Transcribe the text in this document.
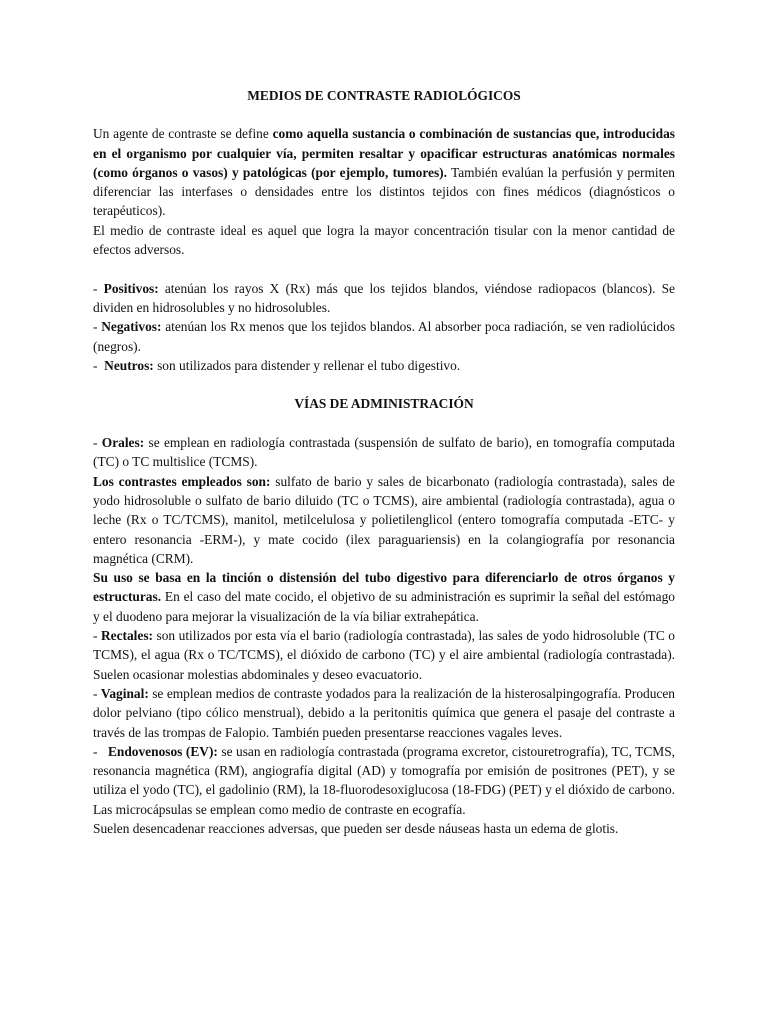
MEDIOS DE CONTRASTE RADIOLÓGICOS

Un agente de contraste se define como aquella sustancia o combinación de sustancias que, introducidas en el organismo por cualquier vía, permiten resaltar y opacificar estructuras anatómicas normales (como órganos o vasos) y patológicas (por ejemplo, tumores). También evalúan la perfusión y permiten diferenciar las interfases o densidades entre los distintos tejidos con fines médicos (diagnósticos o terapéuticos).

El medio de contraste ideal es aquel que logra la mayor concentración tisular con la menor cantidad de efectos adversos.

- Positivos: atenúan los rayos X (Rx) más que los tejidos blandos, viéndose radiopacos (blancos). Se dividen en hidrosolubles y no hidrosolubles.

- Negativos: atenúan los Rx menos que los tejidos blandos. Al absorber poca radiación, se ven radiolúcidos (negros).

-  Neutros: son utilizados para distender y rellenar el tubo digestivo.

VÍAS DE ADMINISTRACIÓN

- Orales: se emplean en radiología contrastada (suspensión de sulfato de bario), en tomografía computada (TC) o TC multislice (TCMS).

Los contrastes empleados son: sulfato de bario y sales de bicarbonato (radiología contrastada), sales de yodo hidrosoluble o sulfato de bario diluido (TC o TCMS), aire ambiental (radiología contrastada), agua o leche (Rx o TC/TCMS), manitol, metilcelulosa y polietilenglicol (entero tomografía computada -ETC- y entero resonancia -ERM-), y mate cocido (ilex paraguariensis) en la colangiografía por resonancia magnética (CRM).

Su uso se basa en la tinción o distensión del tubo digestivo para diferenciarlo de otros órganos y estructuras. En el caso del mate cocido, el objetivo de su administración es suprimir la señal del estómago y el duodeno para mejorar la visualización de la vía biliar extrahepática.

- Rectales: son utilizados por esta vía el bario (radiología contrastada), las sales de yodo hidrosoluble (TC o TCMS), el agua (Rx o TC/TCMS), el dióxido de carbono (TC) y el aire ambiental (radiología contrastada). Suelen ocasionar molestias abdominales y deseo evacuatorio.

- Vaginal: se emplean medios de contraste yodados para la realización de la histerosalpingografía. Producen dolor pelviano (tipo cólico menstrual), debido a la peritonitis química que genera el pasaje del contraste a través de las trompas de Falopio. También pueden presentarse reacciones vagales leves.

-   Endovenosos (EV): se usan en radiología contrastada (programa excretor, cistouretrografía), TC, TCMS, resonancia magnética (RM), angiografía digital (AD) y tomografía por emisión de positrones (PET), y se utiliza el yodo (TC), el gadolinio (RM), la 18-fluorodesoxiglucosa (18-FDG) (PET) y el dióxido de carbono. Las microcápsulas se emplean como medio de contraste en ecografía.

Suelen desencadenar reacciones adversas, que pueden ser desde náuseas hasta un edema de glotis.
